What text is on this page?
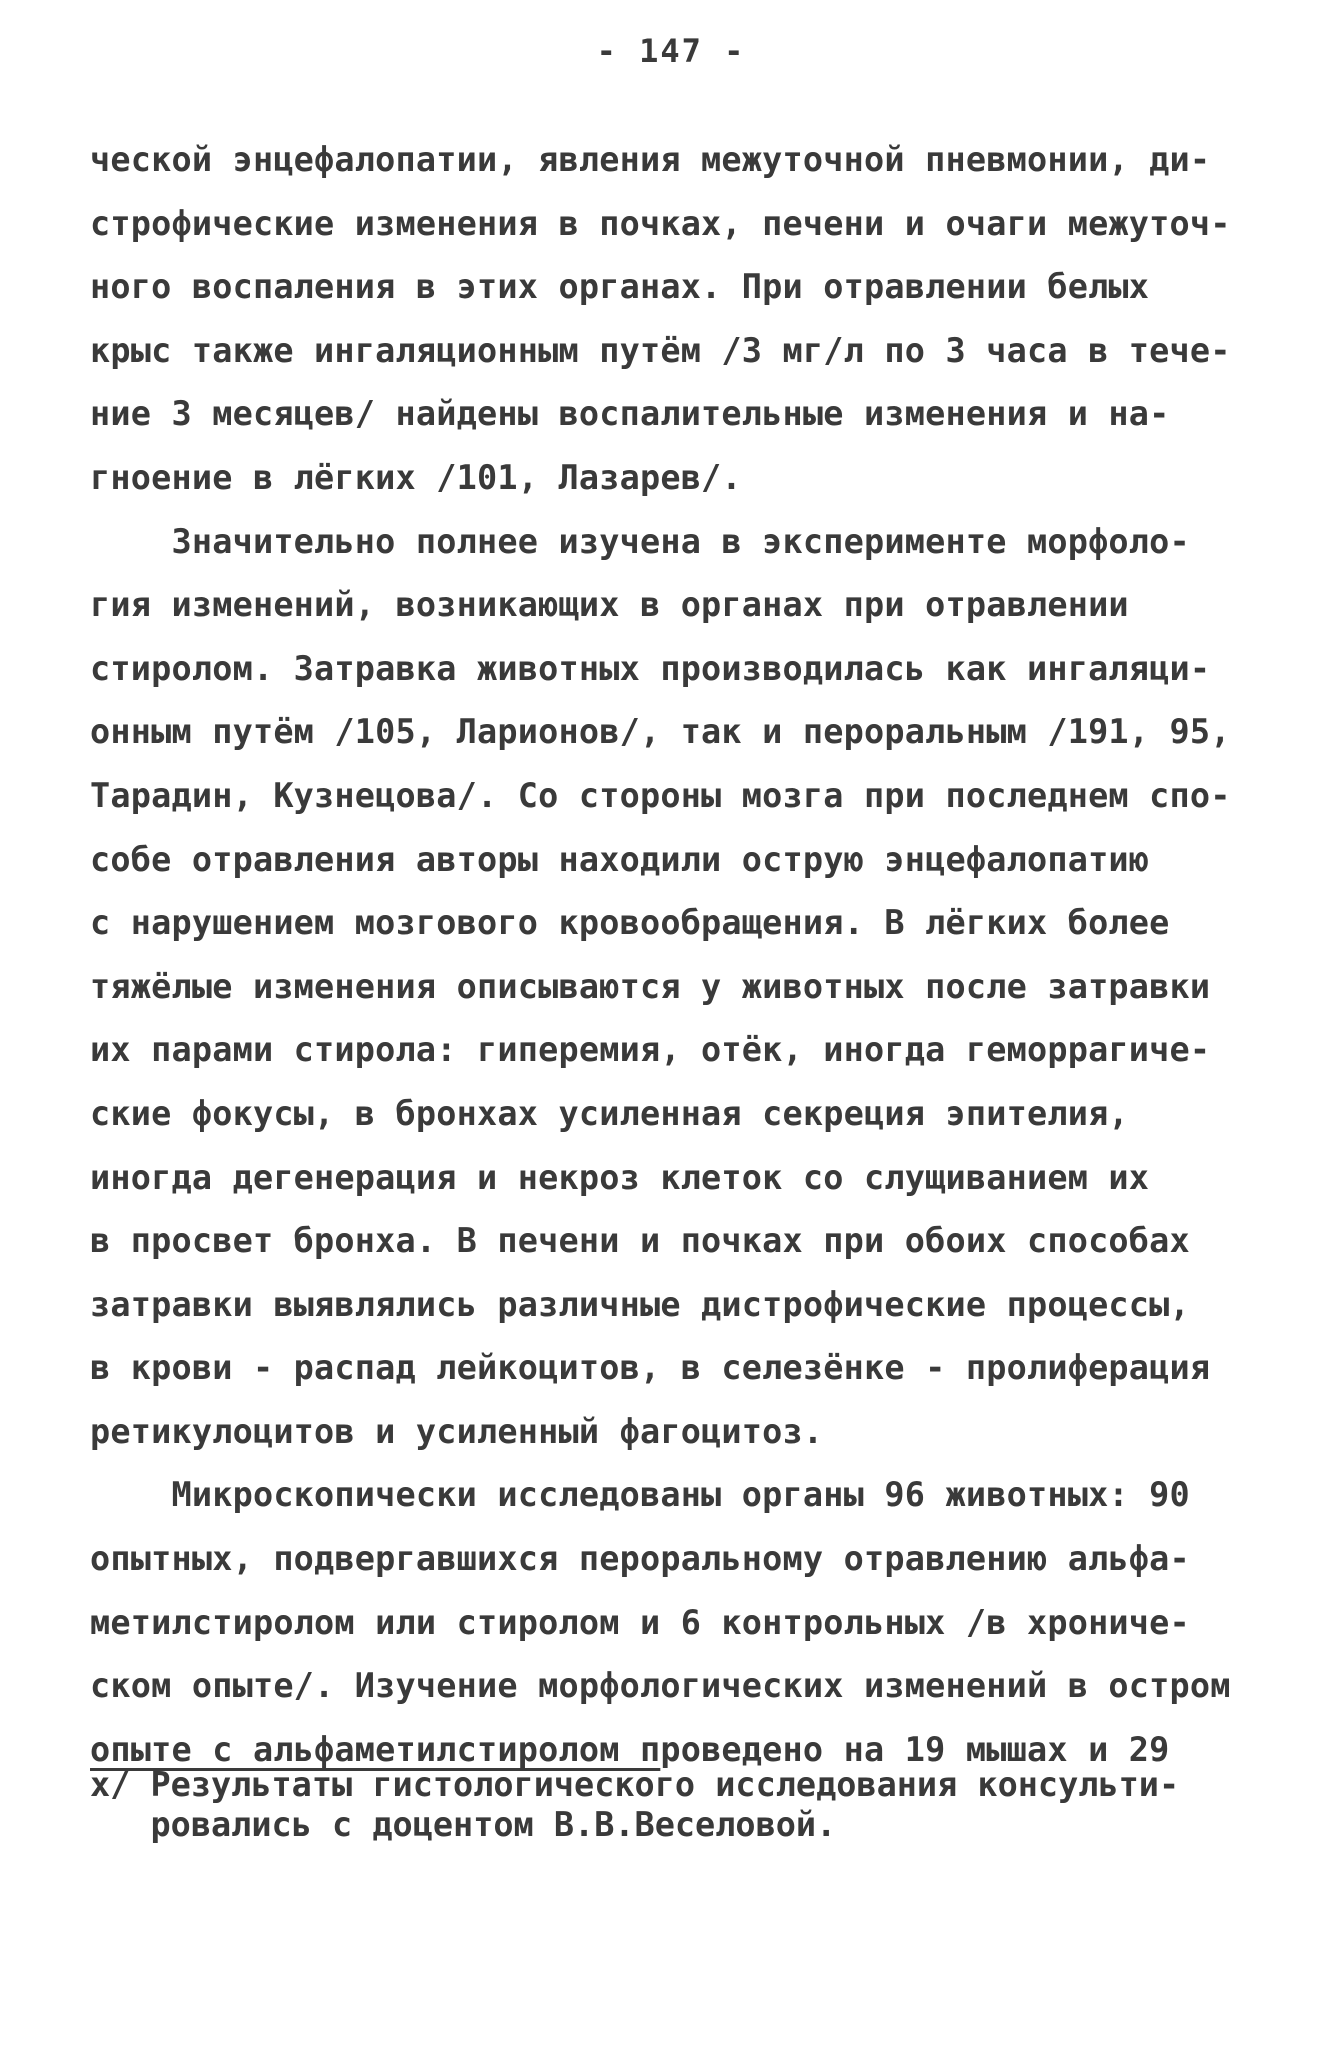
- 147 -
ческой энцефалопатии, явления межуточной пневмонии, ди-
строфические изменения в почках, печени и очаги межуточ-
ного воспаления в этих органах. При отравлении белых
крыс также ингаляционным путём /3 мг/л по 3 часа в тече-
ние 3 месяцев/ найдены воспалительные изменения и на-
гноение в лёгких /101, Лазарев/.
Значительно полнее изучена в эксперименте морфоло-
гия изменений, возникающих в органах при отравлении
стиролом. Затравка животных производилась как ингаляци-
онным путём /105, Ларионов/, так и пероральным /191, 95,
Тарадин, Кузнецова/. Со стороны мозга при последнем спо-
собе отравления авторы находили острую энцефалопатию
с нарушением мозгового кровообращения. В лёгких более
тяжёлые изменения описываются у животных после затравки
их парами стирола: гиперемия, отёк, иногда геморрагиче-
ские фокусы, в бронхах усиленная секреция эпителия,
иногда дегенерация и некроз клеток со слущиванием их
в просвет бронха. В печени и почках при обоих способах
затравки выявлялись различные дистрофические процессы,
в крови - распад лейкоцитов, в селезёнке - пролиферация
ретикулоцитов и усиленный фагоцитоз.
Микроскопически исследованы органы 96 животных: 90
опытных, подвергавшихся пероральному отравлению альфа-
метилстиролом или стиролом и 6 контрольных /в хрониче-
ском опыте/. Изучение морфологических изменений в остром
опыте с альфаметилстиролом проведено на 19 мышах и 29
x/ Результаты гистологического исследования консульти-
ровались с доцентом В.В.Веселовой.
